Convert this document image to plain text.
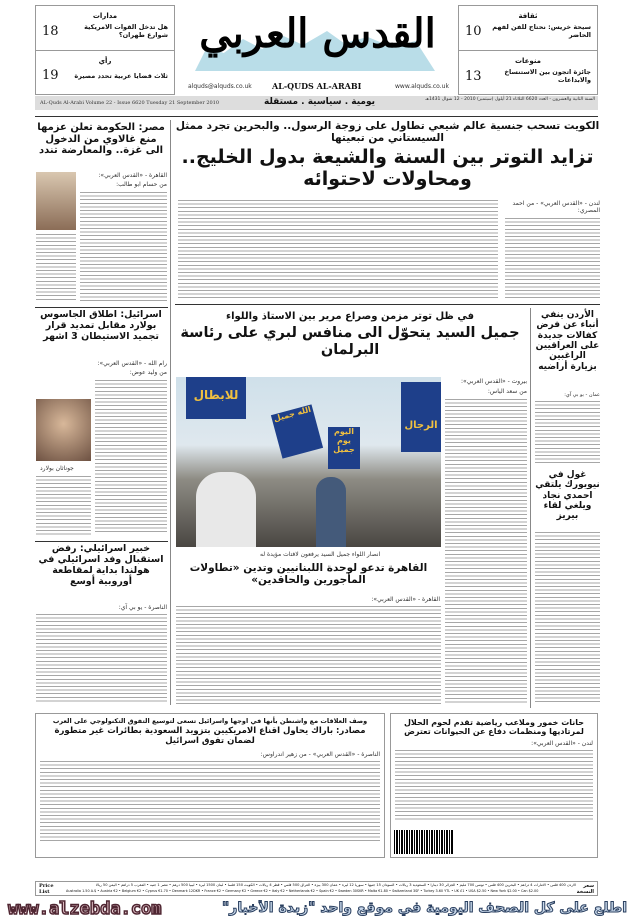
مدارات
18	هل تدخل القوات الامريكية شوارع طهران؟
رأي
19 ثلاث قضايا عربية تحدد مصيرة
ثقافة
10	سيحة خريس: نحتاج للفن لفهم الحاضر
منوعات
13	جائزة اتجون بين الاستنساخ والابداعات
القدس العربي
alquds@alquds.co.uk	AL-QUDS AL-ARABI	www.alquds.co.uk
AL-Quds Al-Arabi Volume 22 - Issue 6620 Tuesday 21 September 2010	يومية . سياسية . مستقلة	السنة الثانية والعشرون - العدد 6620 الثلاثاء 21 أيلول (سبتمبر) 2010 - 12 شوال 1431هـ
الكويت تسحب جنسية عالم شيعي تطاول على زوجة الرسول.. والبحرين تجرد ممثل السيستاني من تبعيتها
تزايد التوتر بين السنة والشيعة بدول الخليج.. ومحاولات لاحتوائه
لندن - «القدس العربي» - من احمد المصري:
مصر: الحكومة تعلن عزمها منع غالاوي من الدخول الى غزة.. والمعارضة تندد
القاهرة - «القدس العربي»:
من حسام ابو طالب:
اسرائيل: اطلاق الجاسوس بولارد مقابل تمديد قرار تجميد الاستيطان 3 اشهر
رام الله - «القدس العربي»:
من وليد عوض:
جوناثان بولارد
خبير اسرائيلي: رفض استقبال وفد اسرائيلي في هولندا بداية لمقاطعة أوروبية أوسع
الناصرة - يو بي آي:
في ظل توتر مزمن وصراع مرير بين الاستاذ واللواء
جميل السيد يتحوّل الى منافس لبري على رئاسة البرلمان
للابطال
الله جميل
اليوم يوم جميل
الرجال
انصار اللواء جميل السيد يرفعون لافتات مؤيدة له
بيروت - «القدس العربي»:
من سعد الياس:
القاهرة تدعو لوحدة اللبنانيين وتدين «تطاولات المأجورين والحاقدين»
القاهرة - «القدس العربي»:
الأردن ينفي أنباء عن فرض كفالات جديدة على العراقيين الراغبين بزيارة أراضيه
عمان - يو بي آي:
غول في نيويورك يلتقي احمدي نجاد ويلغي لقاء بيريز
وصف العلاقات مع واشنطن بأنها في اوجها واسرائيل تسعى لتوسيع التفوق التكنولوجي على العرب
مصادر: باراك يحاول اقناع الامريكيين بتزويد السعودية بطائرات غير متطورة لضمان تفوق اسرائيل
الناصرة - «القدس العربي» - من زهير اندراوس:
حانات خمور وملاعب رياضية تقدم لحوم الحلال لمرتاديها ومنظمات دفاع عن الحيوانات تعترض
لندن - «القدس العربي»:
Price List
الاردن 400 فلس • الامارات 4 دراهم • البحرين 400 فلس • تونس 700 مليم • الجزائر 30 دينارا • السعودية 3 ريالات • السودان 15 جنيها • سوريا 12 ليرة • عمان 300 بيزة • العراق 500 فلس • قطر 4 ريالات • الكويت 150 فلسا • لبنان 1500 ليرة • ليبيا 500 درهم • مصر 1 جنيه • المغرب 5 دراهم • اليمن 50 ريالا
Australia 1.50 A.$ • Austria €2 • Belgium €2 • Cyprus €1.70 • Denmark 12DKR • France €2 • Germany €2 • Greece €2 • Italy €2 • Netherlands €2 • Spain €2 • Sweden 30SKR • Malta €1.80 • Switzerland 3SF • Turkey 3.60 YTL • UK £1 • USA $2.50 • New York $2.00 • Can $2.00
سعر النسخة
www.alzebda.com	اطلع على كل الصحف اليومية في موقع واحد "زبدة الأخبار"
